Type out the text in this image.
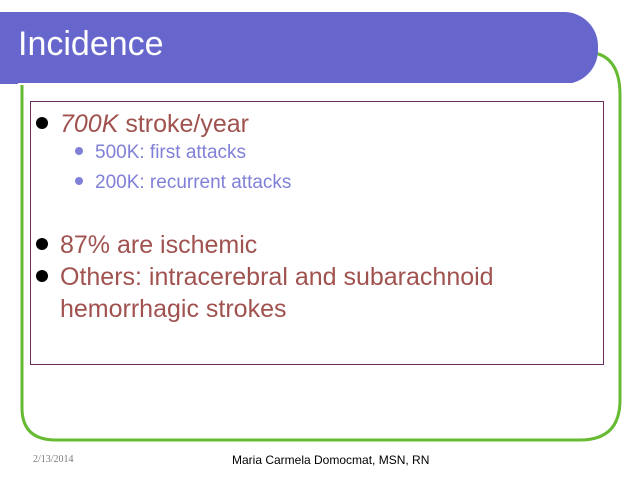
Incidence
700K stroke/year
500K: first attacks
200K: recurrent attacks
87% are ischemic
Others: intracerebral and subarachnoid
hemorrhagic strokes
2/13/2014	Maria Carmela Domocmat, MSN, RN
